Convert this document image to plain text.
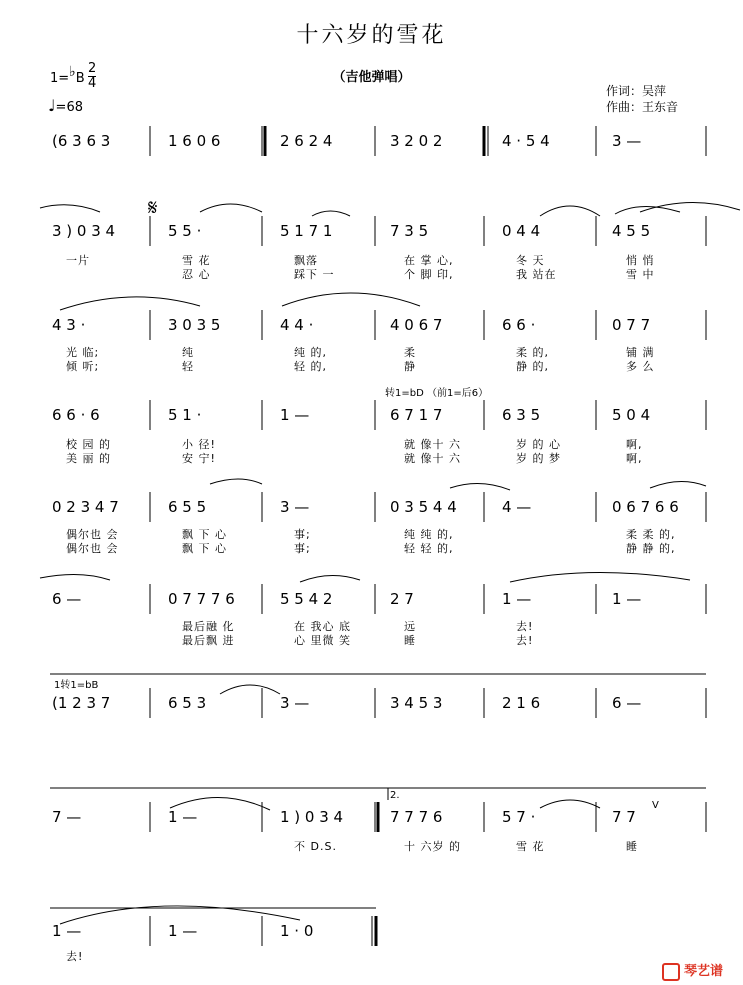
十六岁的雪花
（吉他弹唱）
1=♭B
2
4
♩=68
作词：吴萍
作曲：王东音
𝄋
转1=bD （前1=后6）
1转1=bB
2.
V
(6 3 6 3	1 6 0 6	2 6 2 4	3 2 0 2	4 · 5 4	3 —
3 ) 0 3 4	5 5 ·	5 1 7 1	7 3 5	0 4 4	4 5 5
一片	雪 花	飘落	在 掌 心,	冬 天	悄 悄
忍 心	踩下 一	个 脚 印,	我 站在	雪 中
4 3 ·	3 0 3 5	4 4 ·	4 0 6 7	6 6 ·	0 7 7
光 临;	纯	纯 的,	柔	柔 的,	铺 满
倾 听;	轻	轻 的,	静	静 的,	多 么
6 6 · 6	5 1 ·	1 —	6 7 1 7	6 3 5	5 0 4
校 园 的	小 径!	就 像十 六	岁 的 心	啊,
美 丽 的	安 宁!	就 像十 六	岁 的 梦	啊,
0 2 3 4 7	6 5 5	3 —	0 3 5 4 4	4 —	0 6 7 6 6
偶尔也 会	飘 下 心	事;	纯 纯 的,	柔 柔 的,
偶尔也 会	飘 下 心	事;	轻 轻 的,	静 静 的,
6 —	0 7 7 7 6	5 5 4 2	2 7	1 —	1 —
最后融 化	在 我心 底	远	去!
最后飘 进	心 里微 笑	睡	去!
(1 2 3 7	6 5 3	3 —	3 4 5 3	2 1 6	6 —
7 —	1 —	1 ) 0 3 4	7 7 7 6	5 7 ·	7 7
不 D.S.	十 六岁 的	雪 花	睡
1 —	1 —	1 · 0
去!
琴艺谱
